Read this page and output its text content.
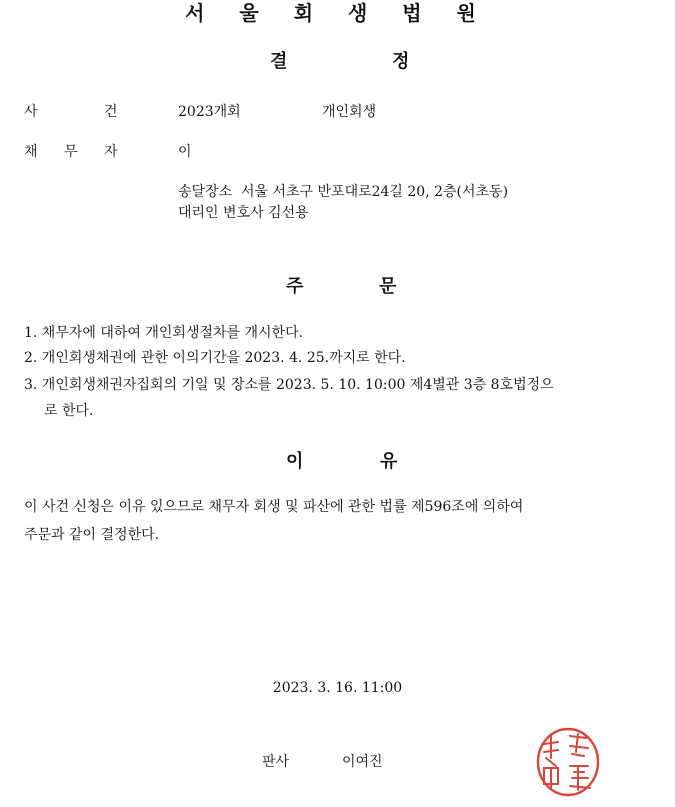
서 울 회 생 법 원
결	정
사	건	2023개회	개인회생
채 무 자	이
송달장소  서울 서초구 반포대로24길 20, 2층(서초동)
대리인 변호사 김선용
주	문
1. 채무자에 대하여 개인회생절차를 개시한다.
2. 개인회생채권에 관한 이의기간을 2023. 4. 25.까지로 한다.
3. 개인회생채권자집회의 기일 및 장소를 2023. 5. 10. 10:00 제4별관 3층 8호법정으
로 한다.
이	유
이 사건 신청은 이유 있으므로 채무자 회생 및 파산에 관한 법률 제596조에 의하여
주문과 같이 결정한다.
2023. 3. 16. 11:00
판사	이여진
